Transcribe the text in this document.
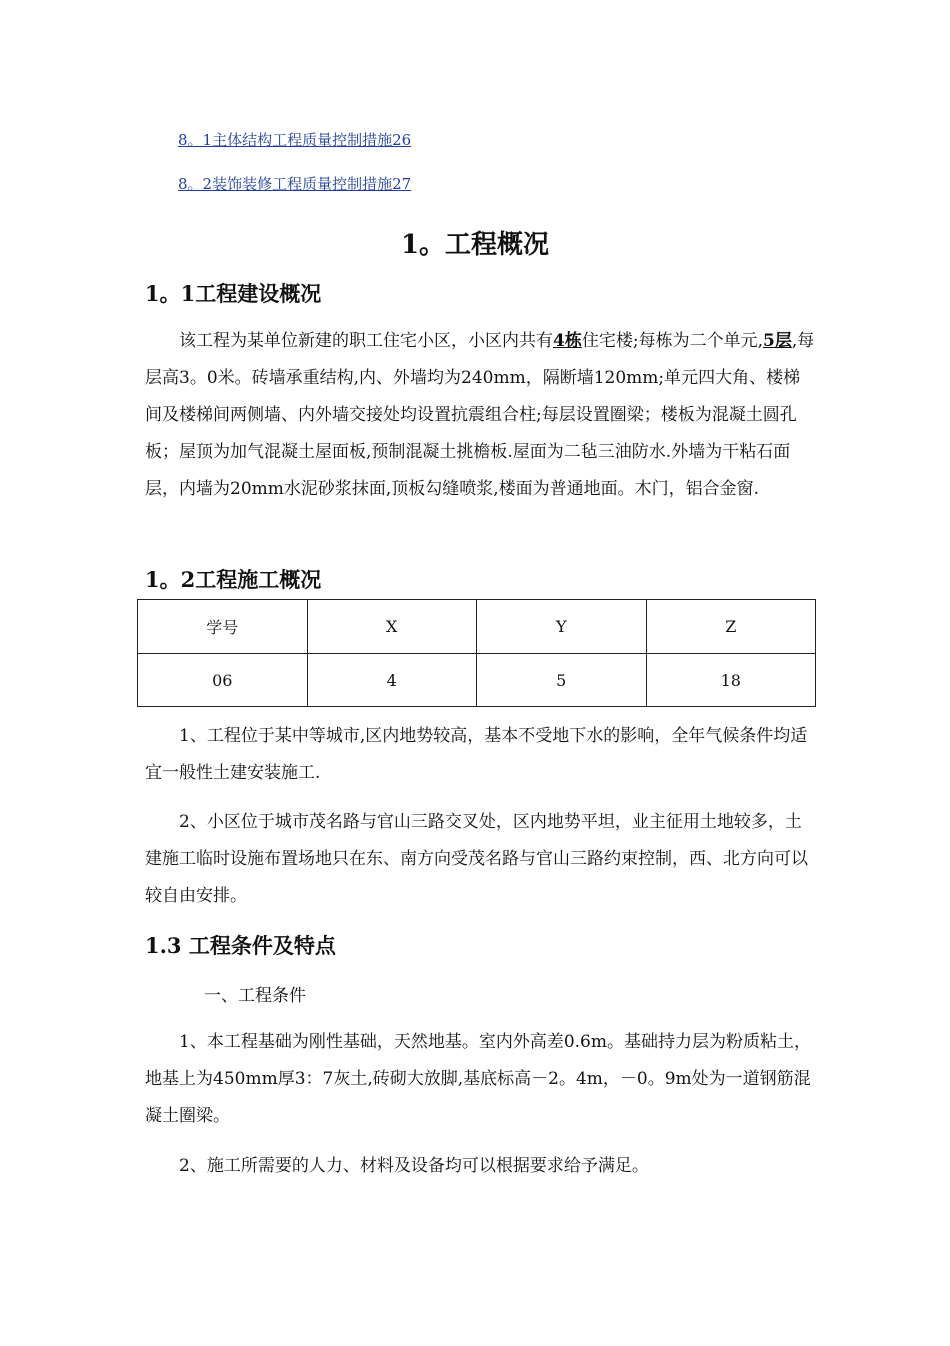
8。1主体结构工程质量控制措施26
8。2装饰装修工程质量控制措施27
1。工程概况
1。1工程建设概况

该工程为某单位新建的职工住宅小区，小区内共有4栋住宅楼;每栋为二个单元,5层,每层高3。0米。砖墙承重结构,内、外墙均为240mm，隔断墙120mm;单元四大角、楼梯间及楼梯间两侧墙、内外墙交接处均设置抗震组合柱;每层设置圈梁；楼板为混凝土圆孔板；屋顶为加气混凝土屋面板,预制混凝土挑檐板.屋面为二毡三油防水.外墙为干粘石面层，内墙为20mm水泥砂浆抹面,顶板勾缝喷浆,楼面为普通地面。木门，铝合金窗.

1。2工程施工概况
学号	X	Y	Z
06	4	5	18

1、工程位于某中等城市,区内地势较高，基本不受地下水的影响，全年气候条件均适宜一般性土建安装施工.

2、小区位于城市茂名路与官山三路交叉处，区内地势平坦，业主征用土地较多，土建施工临时设施布置场地只在东、南方向受茂名路与官山三路约束控制，西、北方向可以较自由安排。

1.3 工程条件及特点

一、工程条件

1、本工程基础为刚性基础，天然地基。室内外高差0.6m。基础持力层为粉质粘土，地基上为450mm厚3：7灰土,砖砌大放脚,基底标高－2。4m，－0。9m处为一道钢筋混凝土圈梁。

2、施工所需要的人力、材料及设备均可以根据要求给予满足。
